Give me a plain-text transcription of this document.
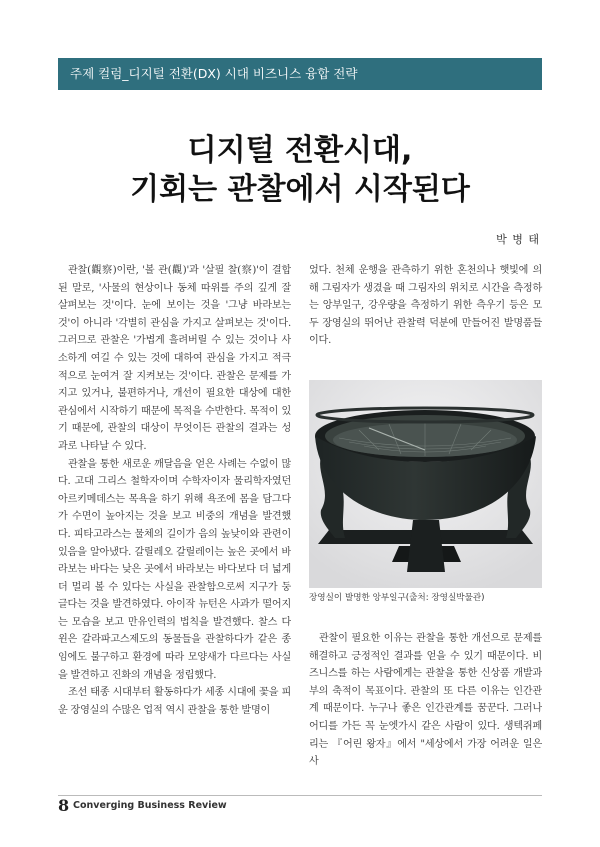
주제 컬럼_디지털 전환(DX) 시대 비즈니스 융합 전략
디지털 전환시대,
기회는 관찰에서 시작된다
박 병 태

관찰(觀察)이란, '볼 관(觀)'과 '살필 찰(察)'이 결합된 말로, '사물의 현상이나 동체 따위를 주의 깊게 잘 살펴보는 것'이다. 눈에 보이는 것을 '그냥 바라보는 것'이 아니라 '각별히 관심을 가지고 살펴보는 것'이다. 그러므로 관찰은 '가볍게 흘려버릴 수 있는 것이나 사소하게 여길 수 있는 것에 대하여 관심을 가지고 적극적으로 눈여겨 잘 지켜보는 것'이다. 관찰은 문제를 가지고 있거나, 불편하거나, 개선이 필요한 대상에 대한 관심에서 시작하기 때문에 목적을 수반한다. 목적이 있기 때문에, 관찰의 대상이 무엇이든 관찰의 결과는 성과로 나타날 수 있다.

관찰을 통한 새로운 깨달음을 얻은 사례는 수없이 많다. 고대 그리스 철학자이며 수학자이자 물리학자였던 아르키메데스는 목욕을 하기 위해 욕조에 몸을 담그다가 수면이 높아지는 것을 보고 비중의 개념을 발견했다. 피타고라스는 물체의 길이가 음의 높낮이와 관련이 있음을 알아냈다. 갈릴레오 갈릴레이는 높은 곳에서 바라보는 바다는 낮은 곳에서 바라보는 바다보다 더 넓게 더 멀리 볼 수 있다는 사실을 관찰함으로써 지구가 둥글다는 것을 발견하였다. 아이작 뉴턴은 사과가 떨어지는 모습을 보고 만유인력의 법칙을 발견했다. 찰스 다윈은 갈라파고스제도의 동물들을 관찰하다가 같은 종임에도 불구하고 환경에 따라 모양새가 다르다는 사실을 발견하고 진화의 개념을 정립했다.

조선 태종 시대부터 활동하다가 세종 시대에 꽃을 피운 장영실의 수많은 업적 역시 관찰을 통한 발명이

었다. 천체 운행을 관측하기 위한 혼천의나 햇빛에 의해 그림자가 생겼을 때 그림자의 위치로 시간을 측정하는 앙부일구, 강우량을 측정하기 위한 측우기 등은 모두 장영실의 뛰어난 관찰력 덕분에 만들어진 발명품들이다.

장영실이 발명한 앙부일구(출처: 장영실박물관)

관찰이 필요한 이유는 관찰을 통한 개선으로 문제를 해결하고 긍정적인 결과를 얻을 수 있기 때문이다. 비즈니스를 하는 사람에게는 관찰을 통한 신상품 개발과 부의 축적이 목표이다. 관찰의 또 다른 이유는 인간관계 때문이다. 누구나 좋은 인간관계를 꿈꾼다. 그러나 어디를 가든 꼭 눈엣가시 같은 사람이 있다. 생텍쥐페리는 『어린 왕자』에서 "세상에서 가장 어려운 일은 사

8 Converging Business Review
